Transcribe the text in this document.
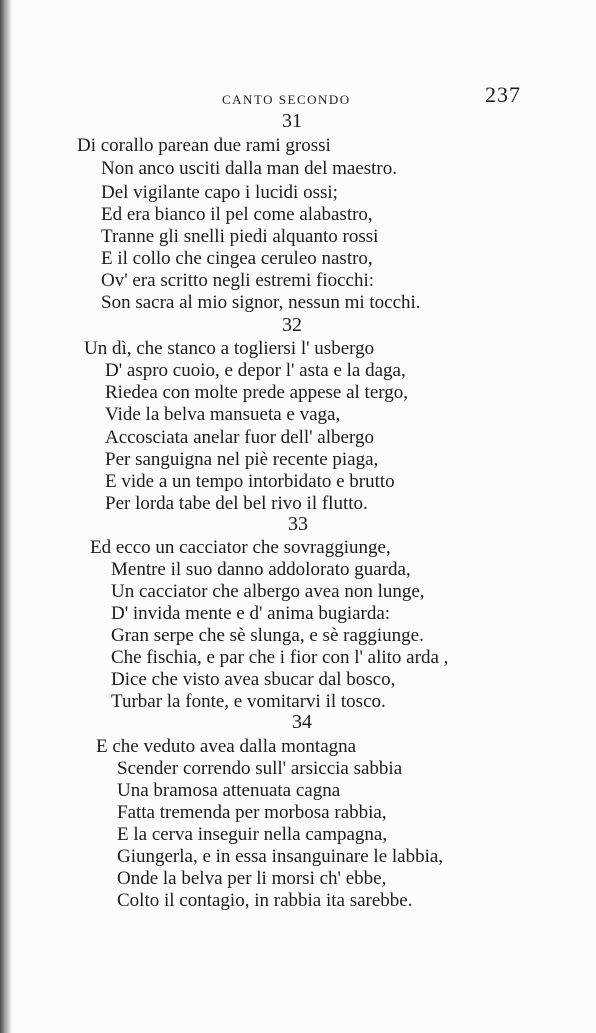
CANTO SECONDO	237
31
Di corallo parean due rami grossi
Non anco usciti dalla man del maestro.
Del vigilante capo i lucidi ossi;
Ed era bianco il pel come alabastro,
Tranne gli snelli piedi alquanto rossi
E il collo che cingea ceruleo nastro,
Ov' era scritto negli estremi fiocchi:
Son sacra al mio signor, nessun mi tocchi.
32
Un dì, che stanco a togliersi l' usbergo
D' aspro cuoio, e depor l' asta e la daga,
Riedea con molte prede appese al tergo,
Vide la belva mansueta e vaga,
Accosciata anelar fuor dell' albergo
Per sanguigna nel piè recente piaga,
E vide a un tempo intorbidato e brutto
Per lorda tabe del bel rivo il flutto.
33
Ed ecco un cacciator che sovraggiunge,
Mentre il suo danno addolorato guarda,
Un cacciator che albergo avea non lunge,
D' invida mente e d' anima bugiarda:
Gran serpe che sè slunga, e sè raggiunge.
Che fischia, e par che i fior con l' alito arda ,
Dice che visto avea sbucar dal bosco,
Turbar la fonte, e vomitarvi il tosco.
34
E che veduto avea dalla montagna
Scender correndo sull' arsiccia sabbia
Una bramosa attenuata cagna
Fatta tremenda per morbosa rabbia,
E la cerva inseguir nella campagna,
Giungerla, e in essa insanguinare le labbia,
Onde la belva per li morsi ch' ebbe,
Colto il contagio, in rabbia ita sarebbe.
